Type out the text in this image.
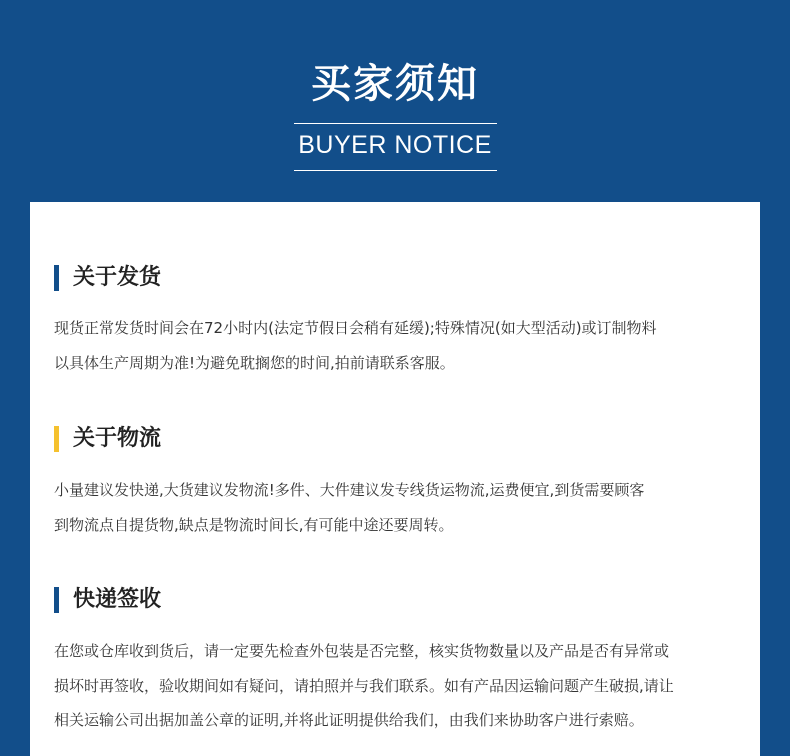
买家须知
BUYER NOTICE
关于发货
现货正常发货时间会在72小时内(法定节假日会稍有延缓);特殊情况(如大型活动)或订制物料
以具体生产周期为准!为避免耽搁您的时间,拍前请联系客服。
关于物流
小量建议发快递,大货建议发物流!多件、大件建议发专线货运物流,运费便宜,到货需要顾客
到物流点自提货物,缺点是物流时间长,有可能中途还要周转。
快递签收
在您或仓库收到货后，请一定要先检查外包装是否完整，核实货物数量以及产品是否有异常或
损坏时再签收，验收期间如有疑问，请拍照并与我们联系。如有产品因运输问题产生破损,请让
相关运输公司出据加盖公章的证明,并将此证明提供给我们，由我们来协助客户进行索赔。
